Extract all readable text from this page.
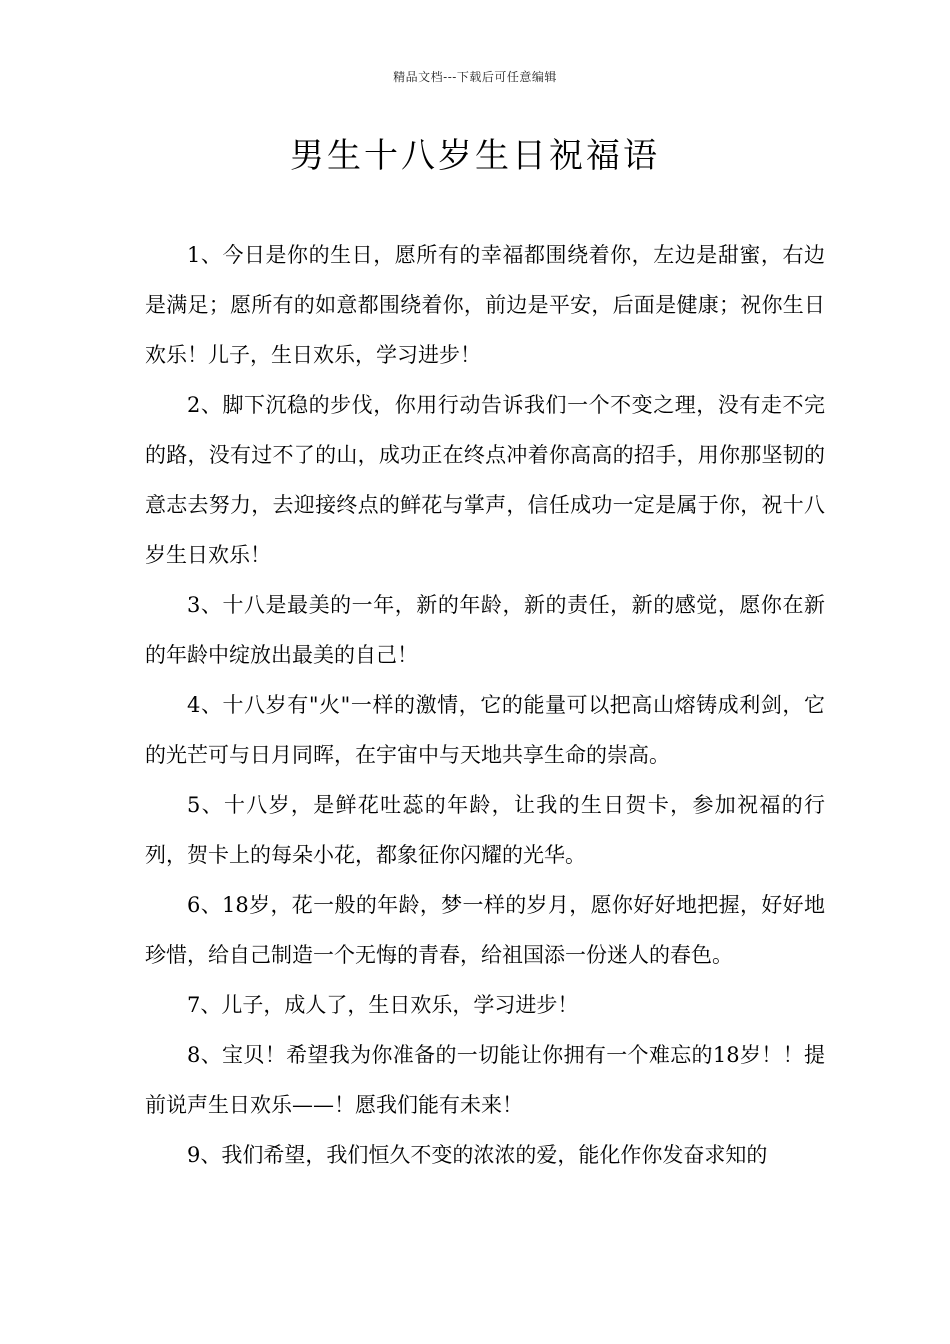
精品文档---下载后可任意编辑
男生十八岁生日祝福语

1、今日是你的生日，愿所有的幸福都围绕着你，左边是甜蜜，右边是满足；愿所有的如意都围绕着你，前边是平安，后面是健康；祝你生日欢乐！儿子，生日欢乐，学习进步！

2、脚下沉稳的步伐，你用行动告诉我们一个不变之理，没有走不完的路，没有过不了的山，成功正在终点冲着你高高的招手，用你那坚韧的意志去努力，去迎接终点的鲜花与掌声，信任成功一定是属于你，祝十八岁生日欢乐！

3、十八是最美的一年，新的年龄，新的责任，新的感觉，愿你在新的年龄中绽放出最美的自己！

4、十八岁有"火"一样的激情，它的能量可以把高山熔铸成利剑，它的光芒可与日月同晖，在宇宙中与天地共享生命的崇高。

5、十八岁，是鲜花吐蕊的年龄，让我的生日贺卡，参加祝福的行列，贺卡上的每朵小花，都象征你闪耀的光华。

6、18岁，花一般的年龄，梦一样的岁月，愿你好好地把握，好好地珍惜，给自己制造一个无悔的青春，给祖国添一份迷人的春色。

7、儿子，成人了，生日欢乐，学习进步！

8、宝贝！希望我为你准备的一切能让你拥有一个难忘的18岁！！提前说声生日欢乐——！愿我们能有未来！

9、我们希望，我们恒久不变的浓浓的爱，能化作你发奋求知的
